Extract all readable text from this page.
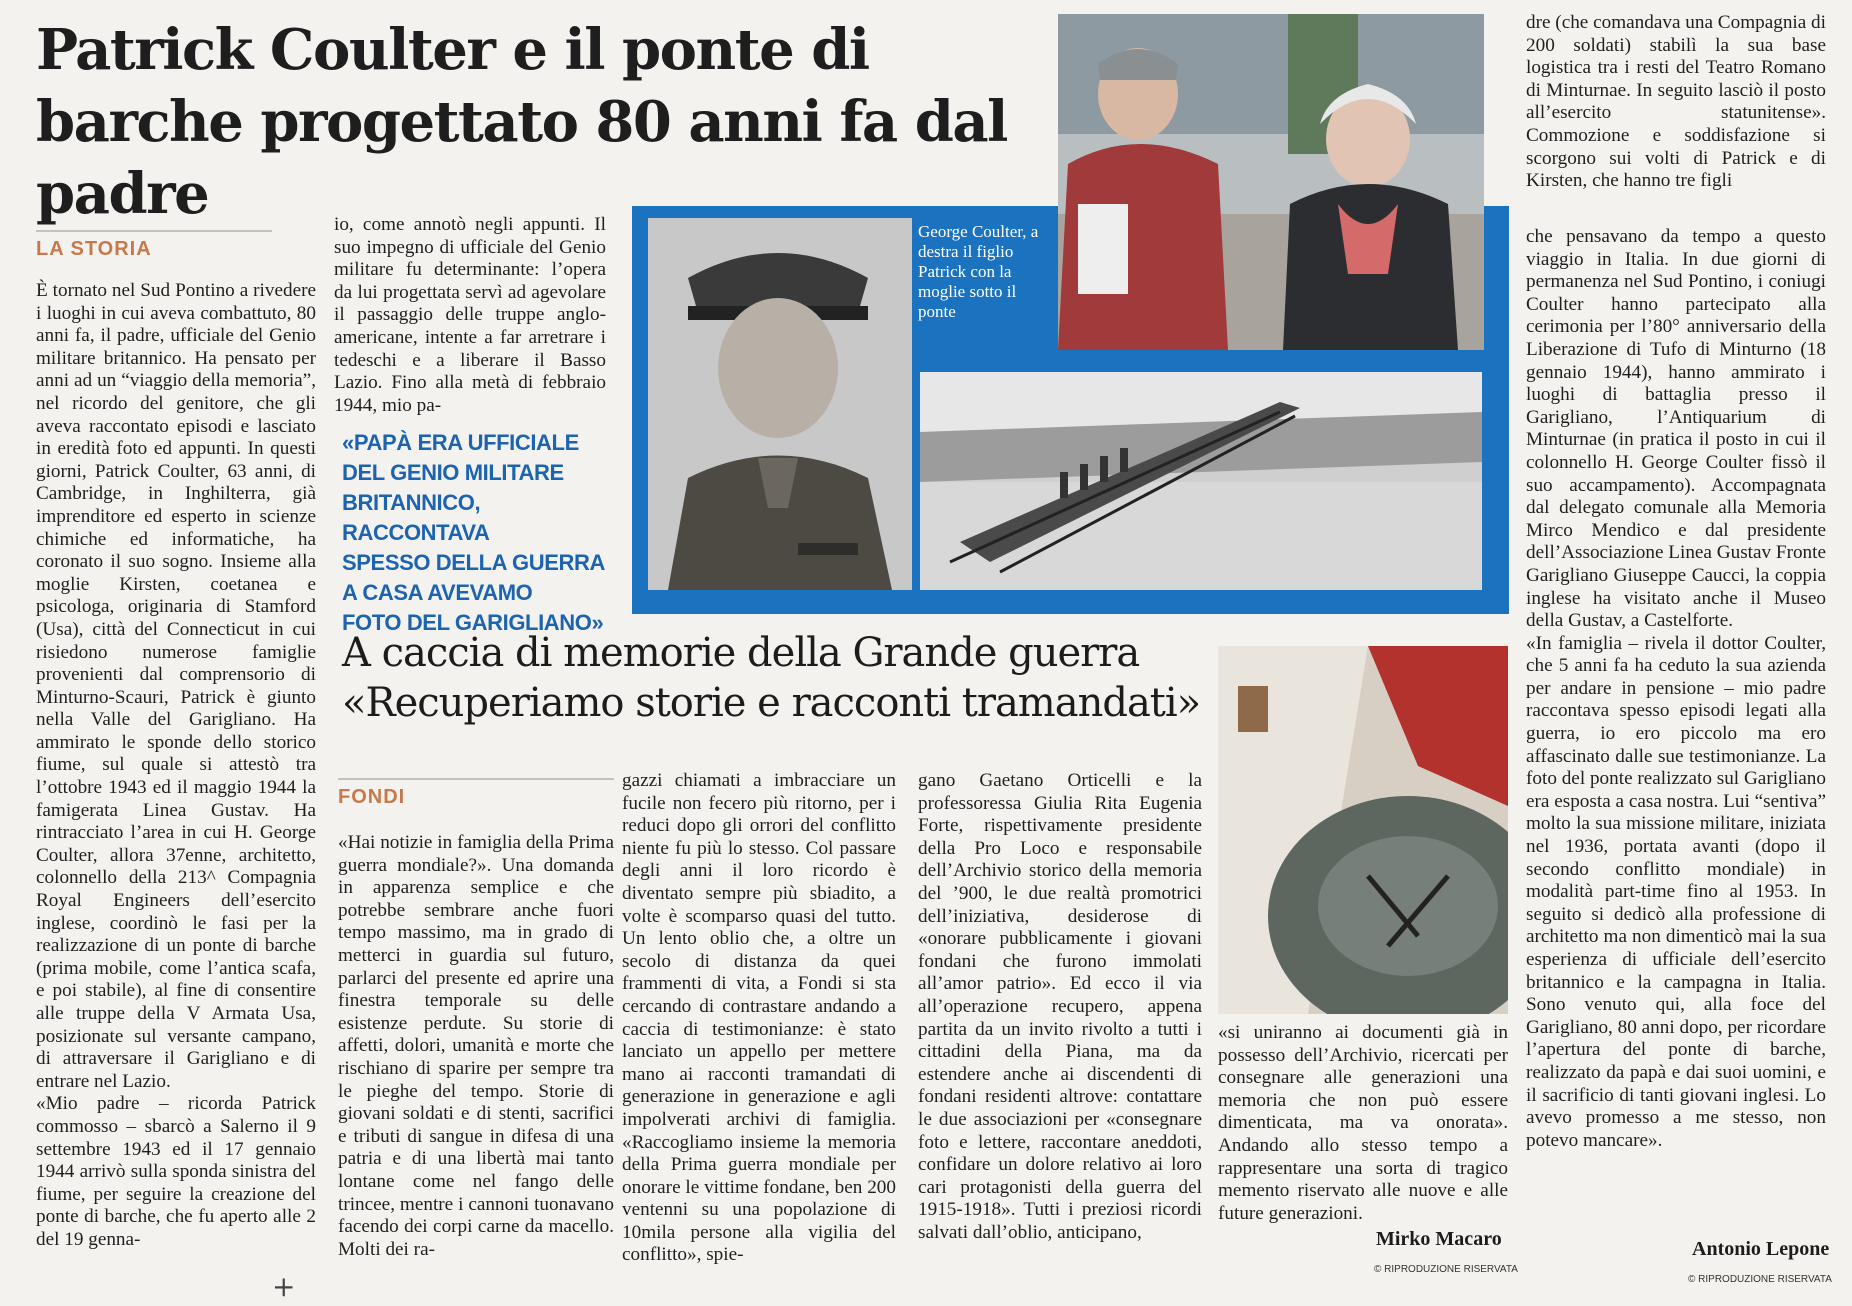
Patrick Coulter e il ponte di barche progettato 80 anni fa dal padre
LA STORIA
È tornato nel Sud Pontino a rivedere i luoghi in cui aveva combattuto, 80 anni fa, il padre, ufficiale del Genio militare britannico. Ha pensato per anni ad un “viaggio della memoria”, nel ricordo del genitore, che gli aveva raccontato episodi e lasciato in eredità foto ed appunti. In questi giorni, Patrick Coulter, 63 anni, di Cambridge, in Inghilterra, già imprenditore ed esperto in scienze chimiche ed informatiche, ha coronato il suo sogno. Insieme alla moglie Kirsten, coetanea e psicologa, originaria di Stamford (Usa), città del Connecticut in cui risiedono numerose famiglie provenienti dal comprensorio di Minturno-Scauri, Patrick è giunto nella Valle del Garigliano. Ha ammirato le sponde dello storico fiume, sul quale si attestò tra l’ottobre 1943 ed il maggio 1944 la famigerata Linea Gustav. Ha rintracciato l’area in cui H. George Coulter, allora 37enne, architetto, colonnello della 213^ Compagnia Royal Engineers dell’esercito inglese, coordinò le fasi per la realizzazione di un ponte di barche (prima mobile, come l’antica scafa, e poi stabile), al fine di consentire alle truppe della V Armata Usa, posizionate sul versante campano, di attraversare il Garigliano e di entrare nel Lazio.
«Mio padre – ricorda Patrick commosso – sbarcò a Salerno il 9 settembre 1943 ed il 17 gennaio 1944 arrivò sulla sponda sinistra del fiume, per seguire la creazione del ponte di barche, che fu aperto alle 2 del 19 genna-
io, come annotò negli appunti. Il suo impegno di ufficiale del Genio militare fu determinante: l’opera da lui progettata servì ad agevolare il passaggio delle truppe anglo-americane, intente a far arretrare i tedeschi e a liberare il Basso Lazio. Fino alla metà di febbraio 1944, mio pa-
«PAPÀ ERA UFFICIALE
DEL GENIO MILITARE
BRITANNICO, RACCONTAVA
SPESSO DELLA GUERRA
A CASA AVEVAMO
FOTO DEL GARIGLIANO»
George Coulter, a destra il figlio Patrick con la moglie sotto il ponte
A caccia di memorie della Grande guerra
«Recuperiamo storie e racconti tramandati»
FONDI
«Hai notizie in famiglia della Prima guerra mondiale?». Una domanda in apparenza semplice e che potrebbe sembrare anche fuori tempo massimo, ma in grado di metterci in guardia sul futuro, parlarci del presente ed aprire una finestra temporale su delle esistenze perdute. Su storie di affetti, dolori, umanità e morte che rischiano di sparire per sempre tra le pieghe del tempo. Storie di giovani soldati e di stenti, sacrifici e tributi di sangue in difesa di una patria e di una libertà mai tanto lontane come nel fango delle trincee, mentre i cannoni tuonavano facendo dei corpi carne da macello. Molti dei ra-
gazzi chiamati a imbracciare un fucile non fecero più ritorno, per i reduci dopo gli orrori del conflitto niente fu più lo stesso. Col passare degli anni il loro ricordo è diventato sempre più sbiadito, a volte è scomparso quasi del tutto. Un lento oblio che, a oltre un secolo di distanza da quei frammenti di vita, a Fondi si sta cercando di contrastare andando a caccia di testimonianze: è stato lanciato un appello per mettere mano ai racconti tramandati di generazione in generazione e agli impolverati archivi di famiglia. «Raccogliamo insieme la memoria della Prima guerra mondiale per onorare le vittime fondane, ben 200 ventenni su una popolazione di 10mila persone alla vigilia del conflitto», spie-
gano Gaetano Orticelli e la professoressa Giulia Rita Eugenia Forte, rispettivamente presidente della Pro Loco e responsabile dell’Archivio storico della memoria del ’900, le due realtà promotrici dell’iniziativa, desiderose di «onorare pubblicamente i giovani fondani che furono immolati all’amor patrio». Ed ecco il via all’operazione recupero, appena partita da un invito rivolto a tutti i cittadini della Piana, ma da estendere anche ai discendenti di fondani residenti altrove: contattare le due associazioni per «consegnare foto e lettere, raccontare aneddoti, confidare un dolore relativo ai loro cari protagonisti della guerra del 1915-1918». Tutti i preziosi ricordi salvati dall’oblio, anticipano,
«si uniranno ai documenti già in possesso dell’Archivio, ricercati per consegnare alle generazioni una memoria che non può essere dimenticata, ma va onorata». Andando allo stesso tempo a rappresentare una sorta di tragico memento riservato alle nuove e alle future generazioni.
Mirko Macaro
© RIPRODUZIONE RISERVATA
dre (che comandava una Compagnia di 200 soldati) stabilì la sua base logistica tra i resti del Teatro Romano di Minturnae. In seguito lasciò il posto all’esercito statunitense». Commozione e soddisfazione si scorgono sui volti di Patrick e di Kirsten, che hanno tre figli
che pensavano da tempo a questo viaggio in Italia. In due giorni di permanenza nel Sud Pontino, i coniugi Coulter hanno partecipato alla cerimonia per l’80° anniversario della Liberazione di Tufo di Minturno (18 gennaio 1944), hanno ammirato i luoghi di battaglia presso il Garigliano, l’Antiquarium di Minturnae (in pratica il posto in cui il colonnello H. George Coulter fissò il suo accampamento). Accompagnata dal delegato comunale alla Memoria Mirco Mendico e dal presidente dell’Associazione Linea Gustav Fronte Garigliano Giuseppe Caucci, la coppia inglese ha visitato anche il Museo della Gustav, a Castelforte.
«In famiglia – rivela il dottor Coulter, che 5 anni fa ha ceduto la sua azienda per andare in pensione – mio padre raccontava spesso episodi legati alla guerra, io ero piccolo ma ero affascinato dalle sue testimonianze. La foto del ponte realizzato sul Garigliano era esposta a casa nostra. Lui “sentiva” molto la sua missione militare, iniziata nel 1936, portata avanti (dopo il secondo conflitto mondiale) in modalità part-time fino al 1953. In seguito si dedicò alla professione di architetto ma non dimenticò mai la sua esperienza di ufficiale dell’esercito britannico e la campagna in Italia. Sono venuto qui, alla foce del Garigliano, 80 anni dopo, per ricordare l’apertura del ponte di barche, realizzato da papà e dai suoi uomini, e il sacrificio di tanti giovani inglesi. Lo avevo promesso a me stesso, non potevo mancare».
Antonio Lepone
© RIPRODUZIONE RISERVATA
+
